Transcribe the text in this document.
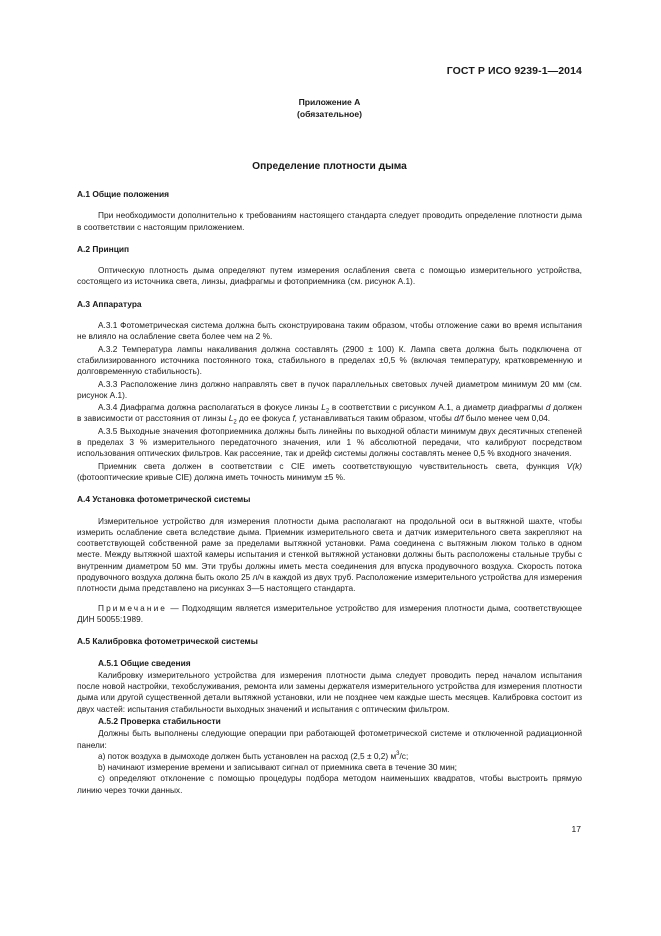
ГОСТ Р ИСО 9239-1—2014
Приложение А
(обязательное)
Определение плотности дыма
А.1 Общие положения

При необходимости дополнительно к требованиям настоящего стандарта следует проводить определение плотности дыма в соответствии с настоящим приложением.

А.2 Принцип

Оптическую плотность дыма определяют путем измерения ослабления света с помощью измерительного устройства, состоящего из источника света, линзы, диафрагмы и фотоприемника (см. рисунок А.1).

А.3 Аппаратура

А.3.1 Фотометрическая система должна быть сконструирована таким образом, чтобы отложение сажи во время испытания не влияло на ослабление света более чем на 2 %.

А.3.2 Температура лампы накаливания должна составлять (2900 ± 100) К. Лампа света должна быть подключена от стабилизированного источника постоянного тока, стабильного в пределах ±0,5 % (включая температуру, кратковременную и долговременную стабильность).

А.3.3 Расположение линз должно направлять свет в пучок параллельных световых лучей диаметром минимум 20 мм (см. рисунок А.1).

А.3.4 Диафрагма должна располагаться в фокусе линзы $L_2$ в соответствии с рисунком А.1, а диаметр диафрагмы d должен в зависимости от расстояния от линзы $L_2$ до ее фокуса f, устанавливаться таким образом, чтобы d/f было менее чем 0,04.

А.3.5 Выходные значения фотоприемника должны быть линейны по выходной области минимум двух десятичных степеней в пределах 3 % измерительного передаточного значения, или 1 % абсолютной передачи, что калибруют посредством использования оптических фильтров. Как рассеяние, так и дрейф системы должны составлять менее 0,5 % входного значения.

Приемник света должен в соответствии с CIE иметь соответствующую чувствительность света, функция V(k) (фотооптические кривые CIE) должна иметь точность минимум ±5 %.

А.4 Установка фотометрической системы

Измерительное устройство для измерения плотности дыма располагают на продольной оси в вытяжной шахте, чтобы измерить ослабление света вследствие дыма. Приемник измерительного света и датчик измерительного света закрепляют на соответствующей собственной раме за пределами вытяжной установки. Рама соединена с вытяжным люком только в одном месте. Между вытяжной шахтой камеры испытания и стенкой вытяжной установки должны быть расположены стальные трубы с внутренним диаметром 50 мм. Эти трубы должны иметь места соединения для впуска продувочного воздуха. Скорость потока продувочного воздуха должна быть около 25 л/ч в каждой из двух труб. Расположение измерительного устройства для измерения плотности дыма представлено на рисунках 3—5 настоящего стандарта.

Примечание — Подходящим является измерительное устройство для измерения плотности дыма, соответствующее ДИН 50055:1989.

А.5 Калибровка фотометрической системы
А.5.1 Общие сведения

Калибровку измерительного устройства для измерения плотности дыма следует проводить перед началом испытания после новой настройки, техобслуживания, ремонта или замены держателя измерительного устройства для измерения плотности дыма или другой существенной детали вытяжной установки, или не позднее чем каждые шесть месяцев. Калибровка состоит из двух частей: испытания стабильности выходных значений и испытания с оптическим фильтром.

А.5.2 Проверка стабильности

Должны быть выполнены следующие операции при работающей фотометрической системе и отключенной радиационной панели:

а) поток воздуха в дымоходе должен быть установлен на расход (2,5 ± 0,2) $м^3/с$;

b) начинают измерение времени и записывают сигнал от приемника света в течение 30 мин;

с) определяют отклонение с помощью процедуры подбора методом наименьших квадратов, чтобы выстроить прямую линию через точки данных.

17
